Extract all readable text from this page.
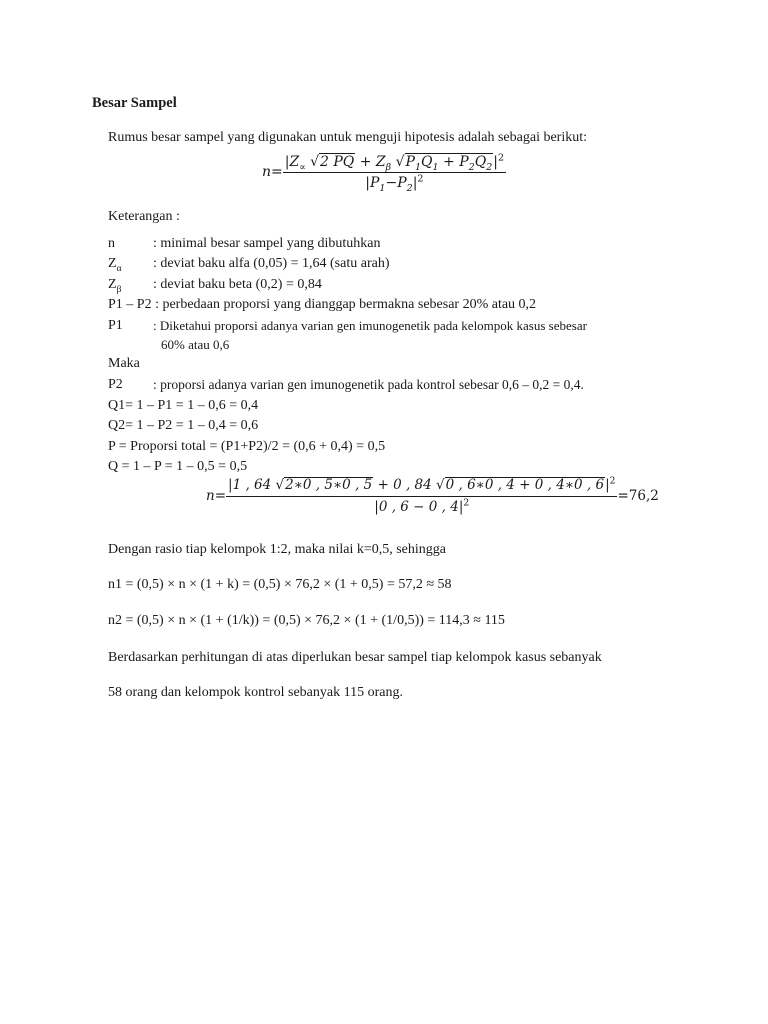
Besar Sampel
Rumus besar sampel yang digunakan untuk menguji hipotesis adalah sebagai berikut:
$n= \frac{|Z_\propto √2 PQ + Z_\beta √P_1Q_1 + P_2Q_2|^2}{|P_1-P_2|^2}$
Keterangan :
n	: minimal besar sampel yang dibutuhkan
$Z_\alpha$ : deviat baku alfa (0,05) = 1,64 (satu arah)
$Z_\beta$ : deviat baku beta (0,2) = 0,84
P1 – P2 : perbedaan proporsi yang dianggap bermakna sebesar 20% atau 0,2
P1 : Diketahui proporsi adanya varian gen imunogenetik pada kelompok kasus sebesar
60% atau 0,6
Maka
P2 : proporsi adanya varian gen imunogenetik pada kontrol sebesar 0,6 – 0,2 = 0,4.
Q1= 1 – P1 = 1 – 0,6 = 0,4
Q2= 1 – P2 = 1 – 0,4 = 0,6
P = Proporsi total = (P1+P2)/2 = (0,6 + 0,4) = 0,5
Q = 1 – P = 1 – 0,5 = 0,5
$n= \frac{|1 , 64 √2∗0 , 5∗0 , 5 + 0 , 84 √0 , 6∗0 , 4 + 0 , 4∗0 , 6|^2}{|0 , 6 - 0 , 4|^2} =76,2$
Dengan rasio tiap kelompok 1:2, maka nilai k=0,5, sehingga
n1 = (0,5) × n × (1 + k) = (0,5) × 76,2 × (1 + 0,5) = 57,2 ≈ 58
n2 = (0,5) × n × (1 + (1/k)) = (0,5) × 76,2 × (1 + (1/0,5)) = 114,3 ≈ 115
Berdasarkan perhitungan di atas diperlukan besar sampel tiap kelompok kasus sebanyak
58 orang dan kelompok kontrol sebanyak 115 orang.
